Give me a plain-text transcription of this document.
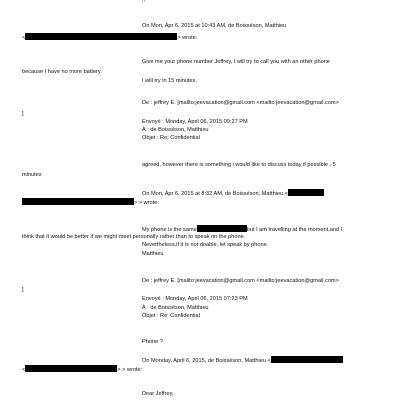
,,
On Mon, Apr 6, 2015 at 10:43 AM, de Boisséson, Matthieu
<	> wrote:
Give me your phone number Jeffrey, I will try to call you with an other phone
because I have no more battery.
I will try in 15 minutes.
De : jeffrey E. [mailto:jeevacation@gmail.com <mailto:jeevacation@gmail.com>
]
Envoyé : Monday, April 06, 2015 09:27 PM
À : de Boisséson, Matthieu
Objet : Re: Confidential
agreed, however there is something i would like to discuss today if possible , 5
minutes
On Mon, Apr 6, 2015 at 8:32 AM, de Boisséson, Matthieu <
> > wrote:
My phone is the same	but I am travelling at the moment,and I
think that it would be better if we might meet personally rather than to speak on the phone.
Nevertheless,if it is not doable, let speak by phone.
Matthieu
De : jeffrey E. [mailto:jeevacation@gmail.com <mailto:jeevacation@gmail.com>
]
Envoyé : Monday, April 06, 2015 07:23 PM
À : de Boisséson, Matthieu
Objet : Re: Confidential
Phone ?
On Monday, April 6, 2015, de Boisséson, Matthieu <
<	> > wrote:
Dear Jeffrey,
